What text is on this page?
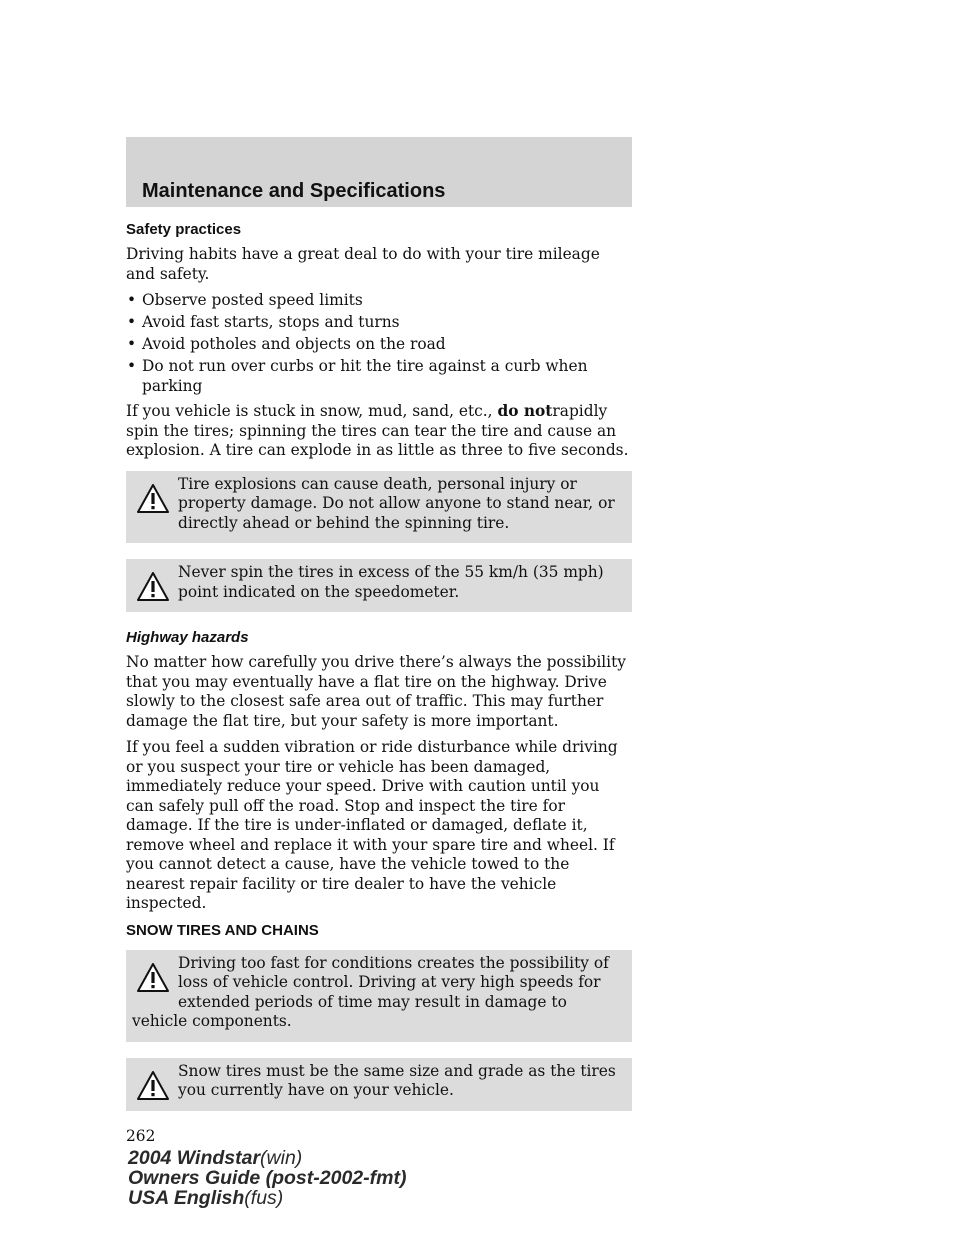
Maintenance and Specifications
Safety practices

Driving habits have a great deal to do with your tire mileage and safety.

• Observe posted speed limits
• Avoid fast starts, stops and turns
• Avoid potholes and objects on the road
• Do not run over curbs or hit the tire against a curb when parking

If you vehicle is stuck in snow, mud, sand, etc., do notrapidly spin the tires; spinning the tires can tear the tire and cause an explosion. A tire can explode in as little as three to five seconds.

Tire explosions can cause death, personal injury or property damage. Do not allow anyone to stand near, or directly ahead or behind the spinning tire.
Never spin the tires in excess of the 55 km/h (35 mph) point indicated on the speedometer.
Highway hazards

No matter how carefully you drive there’s always the possibility that you may eventually have a flat tire on the highway. Drive slowly to the closest safe area out of traffic. This may further damage the flat tire, but your safety is more important.

If you feel a sudden vibration or ride disturbance while driving or you suspect your tire or vehicle has been damaged, immediately reduce your speed. Drive with caution until you can safely pull off the road. Stop and inspect the tire for damage. If the tire is under-inflated or damaged, deflate it, remove wheel and replace it with your spare tire and wheel. If you cannot detect a cause, have the vehicle towed to the nearest repair facility or tire dealer to have the vehicle inspected.

SNOW TIRES AND CHAINS
Driving too fast for conditions creates the possibility of loss of vehicle control. Driving at very high speeds for extended periods of time may result in damage to vehicle components.
Snow tires must be the same size and grade as the tires you currently have on your vehicle.
262
2004 Windstar(win)
Owners Guide (post-2002-fmt)
USA English(fus)
